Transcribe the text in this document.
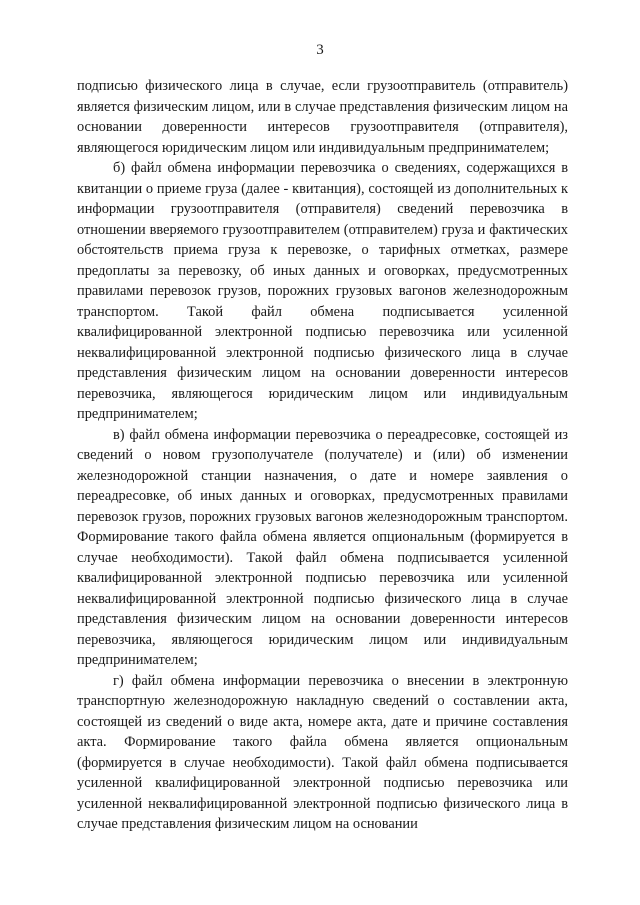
3

подписью физического лица в случае, если грузоотправитель (отправитель) является физическим лицом, или в случае представления физическим лицом на основании доверенности интересов грузоотправителя (отправителя), являющегося юридическим лицом или индивидуальным предпринимателем;

б) файл обмена информации перевозчика о сведениях, содержащихся в квитанции о приеме груза (далее - квитанция), состоящей из дополнительных к информации грузоотправителя (отправителя) сведений перевозчика в отношении вверяемого грузоотправителем (отправителем) груза и фактических обстоятельств приема груза к перевозке, о тарифных отметках, размере предоплаты за перевозку, об иных данных и оговорках, предусмотренных правилами перевозок грузов, порожних грузовых вагонов железнодорожным транспортом. Такой файл обмена подписывается усиленной квалифицированной электронной подписью перевозчика или усиленной неквалифицированной электронной подписью физического лица в случае представления физическим лицом на основании доверенности интересов перевозчика, являющегося юридическим лицом или индивидуальным предпринимателем;

в) файл обмена информации перевозчика о переадресовке, состоящей из сведений о новом грузополучателе (получателе) и (или) об изменении железнодорожной станции назначения, о дате и номере заявления о переадресовке, об иных данных и оговорках, предусмотренных правилами перевозок грузов, порожних грузовых вагонов железнодорожным транспортом. Формирование такого файла обмена является опциональным (формируется в случае необходимости). Такой файл обмена подписывается усиленной квалифицированной электронной подписью перевозчика или усиленной неквалифицированной электронной подписью физического лица в случае представления физическим лицом на основании доверенности интересов перевозчика, являющегося юридическим лицом или индивидуальным предпринимателем;

г) файл обмена информации перевозчика о внесении в электронную транспортную железнодорожную накладную сведений о составлении акта, состоящей из сведений о виде акта, номере акта, дате и причине составления акта. Формирование такого файла обмена является опциональным (формируется в случае необходимости). Такой файл обмена подписывается усиленной квалифицированной электронной подписью перевозчика или усиленной неквалифицированной электронной подписью физического лица в случае представления физическим лицом на основании
